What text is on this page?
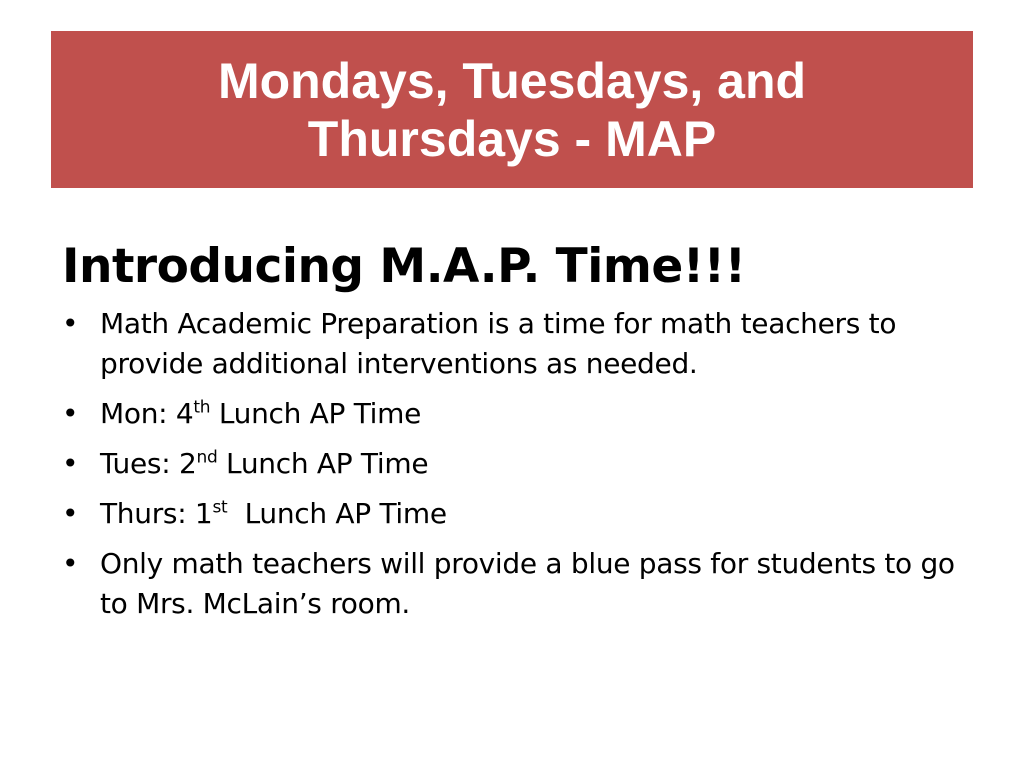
Mondays, Tuesdays, and
Thursdays - MAP
Introducing M.A.P. Time!!!
• Math Academic Preparation is a time for math teachers to provide additional interventions as needed.
• Mon: 4th Lunch AP Time
• Tues: 2nd Lunch AP Time
• Thurs: 1st  Lunch AP Time
• Only math teachers will provide a blue pass for students to go to Mrs. McLain’s room.
